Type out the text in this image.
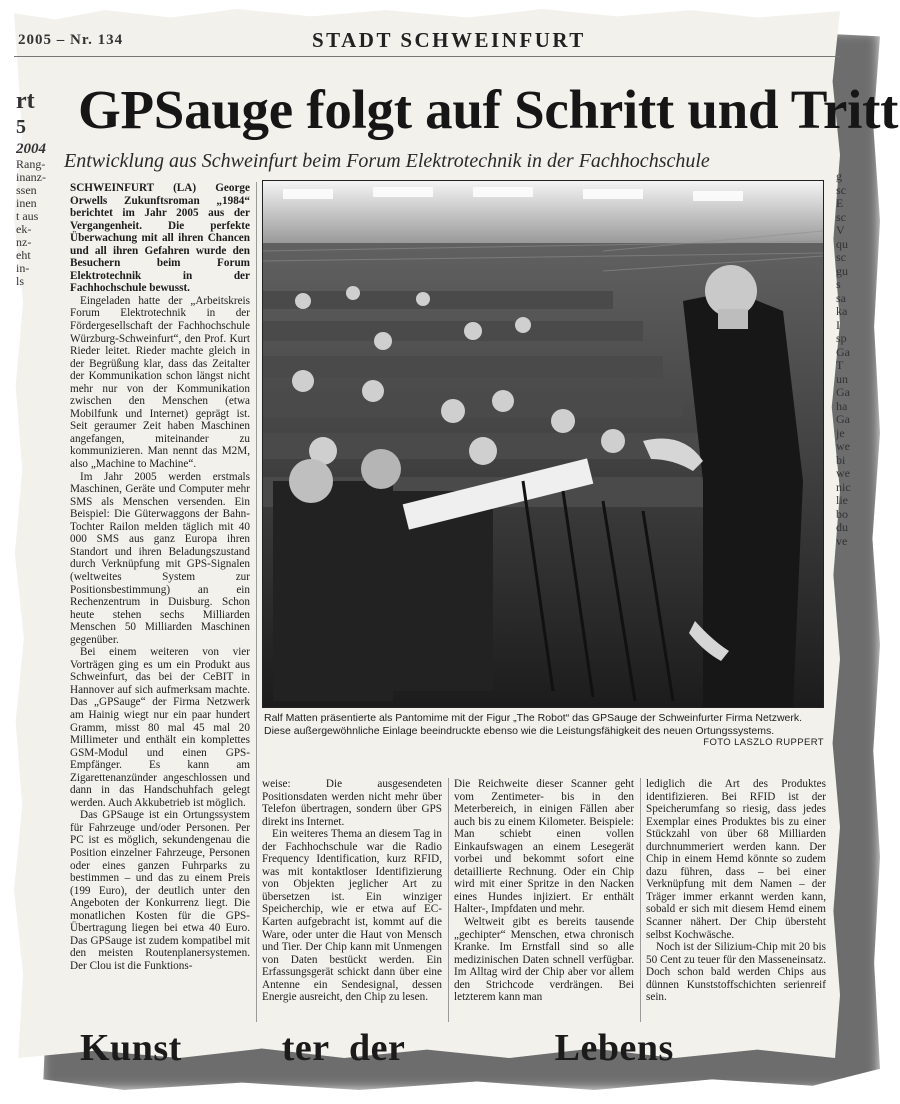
2005 – Nr. 134	STADT SCHWEINFURT
rt
5
2004
Rang-
inanz-
ssen
inen
t aus
ek-
nz-
eht
in-
ls
GPSauge folgt auf Schritt und Tritt
Entwicklung aus Schweinfurt beim Forum Elektrotechnik in der Fachhochschule
g
sc
E
sc
V
qu
sc
gu
s
sa
ka
I
sp
Ga
T
un
Ga
ha
Ga
je
we
bi
we
nic
lie
bo
du
ve

SCHWEINFURT (LA) George Orwells Zukunftsroman „1984“ berichtet im Jahr 2005 aus der Vergangenheit. Die perfekte Überwachung mit all ihren Chancen und all ihren Gefahren wurde den Besuchern beim Forum Elektrotechnik in der Fachhochschule bewusst.

Eingeladen hatte der „Arbeitskreis Forum Elektrotechnik in der Fördergesellschaft der Fachhochschule Würzburg-Schweinfurt“, den Prof. Kurt Rieder leitet. Rieder machte gleich in der Begrüßung klar, dass das Zeitalter der Kommunikation schon längst nicht mehr nur von der Kommunikation zwischen den Menschen (etwa Mobilfunk und Internet) geprägt ist. Seit geraumer Zeit haben Maschinen angefangen, miteinander zu kommunizieren. Man nennt das M2M, also „Machine to Machine“.

Im Jahr 2005 werden erstmals Maschinen, Geräte und Computer mehr SMS als Menschen versenden. Ein Beispiel: Die Güterwaggons der Bahn-Tochter Railon melden täglich mit 40 000 SMS aus ganz Europa ihren Standort und ihren Beladungszustand durch Verknüpfung mit GPS-Signalen (weltweites System zur Positionsbestimmung) an ein Rechenzentrum in Duisburg. Schon heute stehen sechs Milliarden Menschen 50 Milliarden Maschinen gegenüber.

Bei einem weiteren von vier Vorträgen ging es um ein Produkt aus Schweinfurt, das bei der CeBIT in Hannover auf sich aufmerksam machte. Das „GPSauge“ der Firma Netzwerk am Hainig wiegt nur ein paar hundert Gramm, misst 80 mal 45 mal 20 Millimeter und enthält ein komplettes GSM-Modul und einen GPS-Empfänger. Es kann am Zigarettenanzünder angeschlossen und dann in das Handschuhfach gelegt werden. Auch Akkubetrieb ist möglich.

Das GPSauge ist ein Ortungssystem für Fahrzeuge und/oder Personen. Per PC ist es möglich, sekundengenau die Position einzelner Fahrzeuge, Personen oder eines ganzen Fuhrparks zu bestimmen – und das zu einem Preis (199 Euro), der deutlich unter den Angeboten der Konkurrenz liegt. Die monatlichen Kosten für die GPS-Übertragung liegen bei etwa 40 Euro. Das GPSauge ist zudem kompatibel mit den meisten Routenplanersystemen. Der Clou ist die Funktions-

Ralf Matten präsentierte als Pantomime mit der Figur „The Robot“ das GPSauge der Schweinfurter Firma Netzwerk. Diese außergewöhnliche Einlage beeindruckte ebenso wie die Leistungsfähigkeit des neuen Ortungssystems.
FOTO LASZLO RUPPERT

weise: Die ausgesendeten Positionsdaten werden nicht mehr über Telefon übertragen, sondern über GPS direkt ins Internet.

Ein weiteres Thema an diesem Tag in der Fachhochschule war die Radio Frequency Identification, kurz RFID, was mit kontaktloser Identifizierung von Objekten jeglicher Art zu übersetzen ist. Ein winziger Speicherchip, wie er etwa auf EC-Karten aufgebracht ist, kommt auf die Ware, oder unter die Haut von Mensch und Tier. Der Chip kann mit Unmengen von Daten bestückt werden. Ein Erfassungsgerät schickt dann über eine Antenne ein Sendesignal, dessen Energie ausreicht, den Chip zu lesen.

Die Reichweite dieser Scanner geht vom Zentimeter- bis in den Meterbereich, in einigen Fällen aber auch bis zu einem Kilometer. Beispiele: Man schiebt einen vollen Einkaufswagen an einem Lesegerät vorbei und bekommt sofort eine detaillierte Rechnung. Oder ein Chip wird mit einer Spritze in den Nacken eines Hundes injiziert. Er enthält Halter-, Impfdaten und mehr.

Weltweit gibt es bereits tausende „gechipter“ Menschen, etwa chronisch Kranke. Im Ernstfall sind so alle medizinischen Daten schnell verfügbar. Im Alltag wird der Chip aber vor allem den Strichcode verdrängen. Bei letzterem kann man

lediglich die Art des Produktes identifizieren. Bei RFID ist der Speicherumfang so riesig, dass jedes Exemplar eines Produktes bis zu einer Stückzahl von über 68 Milliarden durchnummeriert werden kann. Der Chip in einem Hemd könnte so zudem dazu führen, dass – bei einer Verknüpfung mit dem Namen – der Träger immer erkannt werden kann, sobald er sich mit diesem Hemd einem Scanner nähert. Der Chip übersteht selbst Kochwäsche.

Noch ist der Silizium-Chip mit 20 bis 50 Cent zu teuer für den Masseneinsatz. Doch schon bald werden Chips aus dünnen Kunststoffschichten serienreif sein.

Kunst          ter  der               Lebens
